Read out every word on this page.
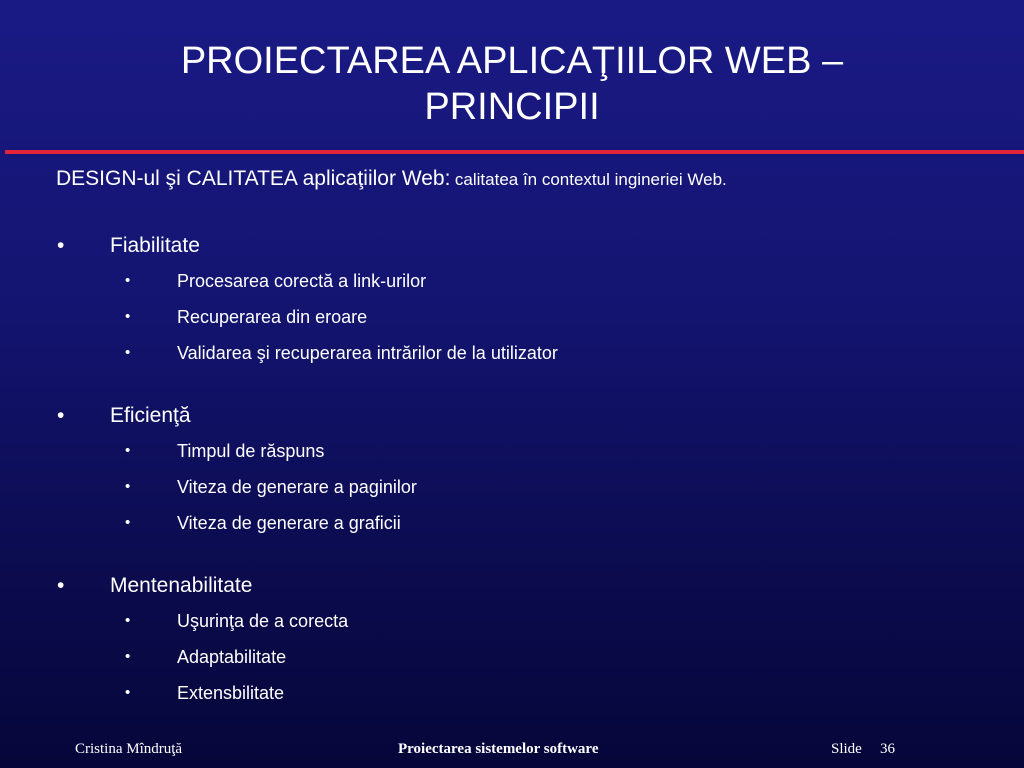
PROIECTAREA APLICAŢIILOR WEB –
PRINCIPII
DESIGN-ul şi CALITATEA aplicaţiilor Web: calitatea în contextul ingineriei Web.
• Fiabilitate
•	Procesarea corectă a link-urilor
•	Recuperarea din eroare
•	Validarea şi recuperarea intrărilor de la utilizator
• Eficienţă
•	Timpul de răspuns
•	Viteza de generare a paginilor
•	Viteza de generare a graficii
• Mentenabilitate
•	Uşurinţa de a corecta
•	Adaptabilitate
•	Extensbilitate
Cristina Mîndruţă	Proiectarea sistemelor software	Slide 36
